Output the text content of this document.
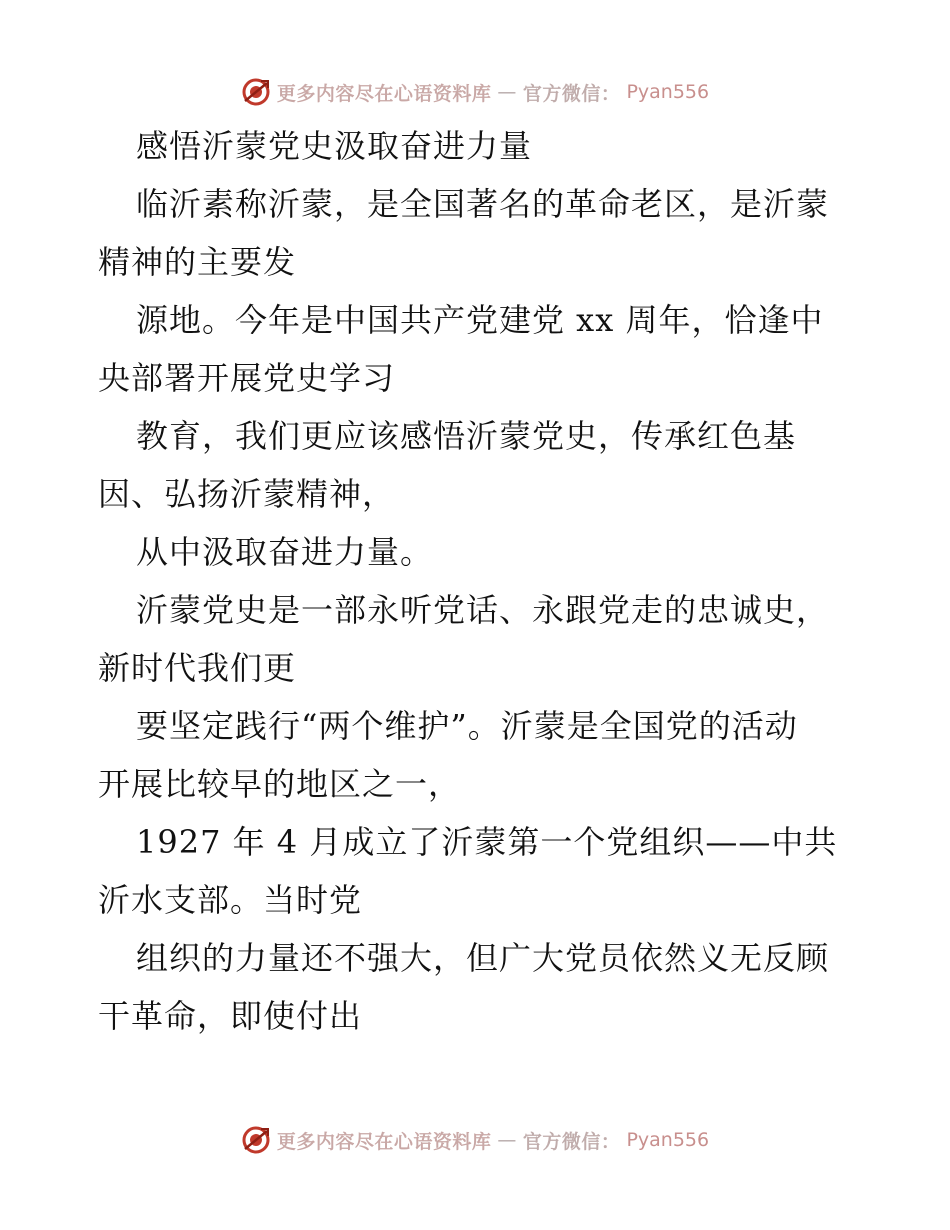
更多内容尽在心语资料库 — 官方微信： Pyan556
感悟沂蒙党史汲取奋进力量
临沂素称沂蒙，是全国著名的革命老区，是沂蒙
精神的主要发
源地。今年是中国共产党建党 xx 周年，恰逢中
央部署开展党史学习
教育，我们更应该感悟沂蒙党史，传承红色基
因、弘扬沂蒙精神，
从中汲取奋进力量。
沂蒙党史是一部永听党话、永跟党走的忠诚史，
新时代我们更
要坚定践行“两个维护”。沂蒙是全国党的活动
开展比较早的地区之一，
1927 年 4 月成立了沂蒙第一个党组织——中共
沂水支部。当时党
组织的力量还不强大，但广大党员依然义无反顾
干革命，即使付出
更多内容尽在心语资料库 — 官方微信： Pyan556
